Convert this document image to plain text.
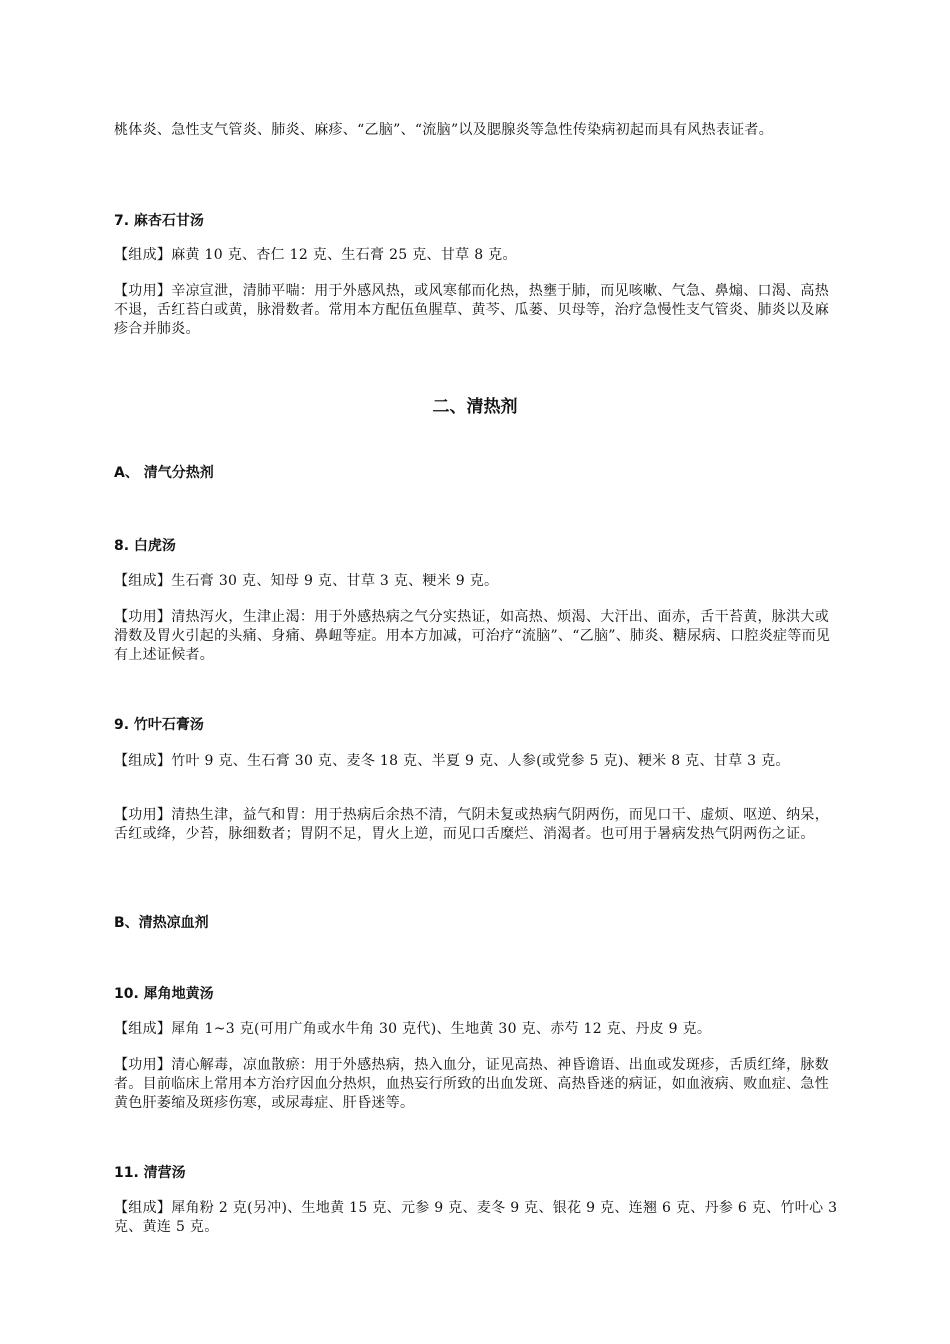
桃体炎、急性支气管炎、肺炎、麻疹、“乙脑”、“流脑”以及腮腺炎等急性传染病初起而具有风热表证者。

7. 麻杏石甘汤

【组成】麻黄 10 克、杏仁 12 克、生石膏 25 克、甘草 8 克。

【功用】辛凉宣泄，清肺平喘：用于外感风热，或风寒郁而化热，热壅于肺，而见咳嗽、气急、鼻煽、口渴、高热不退，舌红苔白或黄，脉滑数者。常用本方配伍鱼腥草、黄芩、瓜蒌、贝母等，治疗急慢性支气管炎、肺炎以及麻疹合并肺炎。

二、清热剂

A、 清气分热剂

8. 白虎汤

【组成】生石膏 30 克、知母 9 克、甘草 3 克、粳米 9 克。

【功用】清热泻火，生津止渴：用于外感热病之气分实热证，如高热、烦渴、大汗出、面赤，舌干苔黄，脉洪大或滑数及胃火引起的头痛、身痛、鼻衄等症。用本方加减，可治疗“流脑”、“乙脑”、肺炎、糖尿病、口腔炎症等而见有上述证候者。

9. 竹叶石膏汤

【组成】竹叶 9 克、生石膏 30 克、麦冬 18 克、半夏 9 克、人参(或党参 5 克)、粳米 8 克、甘草 3 克。

【功用】清热生津，益气和胃：用于热病后余热不清，气阴未复或热病气阴两伤，而见口干、虚烦、呕逆、纳呆，舌红或绛，少苔，脉细数者；胃阴不足，胃火上逆，而见口舌糜烂、消渴者。也可用于暑病发热气阴两伤之证。

B、清热凉血剂

10. 犀角地黄汤

【组成】犀角 1~3 克(可用广角或水牛角 30 克代)、生地黄 30 克、赤芍 12 克、丹皮 9 克。

【功用】清心解毒，凉血散瘀：用于外感热病，热入血分，证见高热、神昏谵语、出血或发斑疹，舌质红绛，脉数者。目前临床上常用本方治疗因血分热炽，血热妄行所致的出血发斑、高热昏迷的病证，如血液病、败血症、急性黄色肝萎缩及斑疹伤寒，或尿毒症、肝昏迷等。

11. 清营汤

【组成】犀角粉 2 克(另冲)、生地黄 15 克、元参 9 克、麦冬 9 克、银花 9 克、连翘 6 克、丹参 6 克、竹叶心 3 克、黄连 5 克。
